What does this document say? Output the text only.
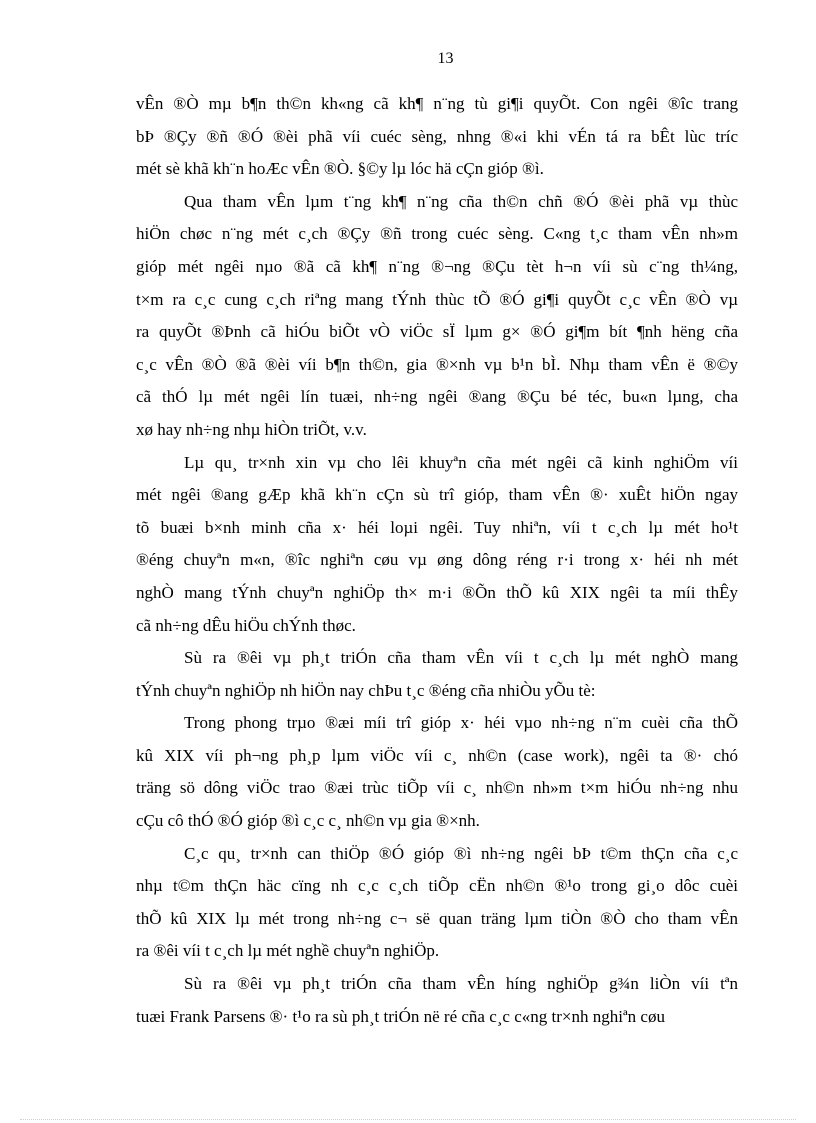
13
vÊn ®Ò mµ b¶n th©n kh«ng cã kh¶ n¨ng tù gi¶i quyÕt. Con ngêi ®îc trang
bÞ ®Çy ®ñ ®Ó ®èi phã víi cuéc sèng, nhng ®«i khi vÉn tá ra bÊt lùc tríc
mét sè khã kh¨n hoÆc vÊn ®Ò. §©y lµ lóc hä cÇn gióp ®ì.
Qua tham vÊn lµm t¨ng kh¶ n¨ng cña th©n chñ ®Ó ®èi phã vµ thùc
hiÖn chøc n¨ng mét c¸ch ®Çy ®ñ trong cuéc sèng. C«ng t¸c tham vÊn nh»m
gióp mét ngêi nµo ®ã cã kh¶ n¨ng ®¬ng ®Çu tèt h¬n víi sù c¨ng th¼ng,
t×m ra c¸c cung c¸ch riªng mang tÝnh thùc tÕ ®Ó gi¶i quyÕt c¸c vÊn ®Ò vµ
ra quyÕt ®Þnh cã hiÓu biÕt vÒ viÖc sÏ lµm g× ®Ó gi¶m bít ¶nh hëng cña
c¸c vÊn ®Ò ®ã ®èi víi b¶n th©n, gia ®×nh vµ b¹n bÌ. Nhµ tham vÊn ë ®©y
cã thÓ lµ mét ngêi lín tuæi, nh÷ng ngêi ®ang ®Çu bé téc, bu«n lµng, cha
xø hay nh÷ng nhµ hiÒn triÕt, v.v.
Lµ qu¸ tr×nh xin vµ cho lêi khuyªn cña mét ngêi cã kinh nghiÖm víi
mét ngêi ®ang gÆp khã kh¨n cÇn sù trî gióp, tham vÊn ®· xuÊt hiÖn ngay
tõ buæi b×nh minh cña x· héi loµi ngêi. Tuy nhiªn, víi t c¸ch lµ mét ho¹t
®éng chuyªn m«n, ®îc nghiªn cøu vµ øng dông réng r·i trong x· héi nh mét
nghÒ mang tÝnh chuyªn nghiÖp th× m·i ®Õn thÕ kû XIX ngêi ta míi thÊy
cã nh÷ng dÊu hiÖu chÝnh thøc.
Sù ra ®êi vµ ph¸t triÓn cña tham vÊn víi t c¸ch lµ mét nghÒ mang
tÝnh chuyªn nghiÖp nh hiÖn nay chÞu t¸c ®éng cña nhiÒu yÕu tè:
Trong phong trµo ®æi míi trî gióp x· héi vµo nh÷ng n¨m cuèi cña thÕ
kû XIX víi ph¬ng ph¸p lµm viÖc víi c¸ nh©n (case work), ngêi ta ®· chó
träng sö dông viÖc trao ®æi trùc tiÕp víi c¸ nh©n nh»m t×m hiÓu nh÷ng nhu
cÇu cô thÓ ®Ó gióp ®ì c¸c c¸ nh©n vµ gia ®×nh.
C¸c qu¸ tr×nh can thiÖp ®Ó gióp ®ì nh÷ng ngêi bÞ t©m thÇn cña c¸c
nhµ t©m thÇn häc cïng nh c¸c c¸ch tiÕp cËn nh©n ®¹o trong gi¸o dôc cuèi
thÕ kû XIX lµ mét trong nh÷ng c¬ së quan träng lµm tiÒn ®Ò cho tham vÊn
ra ®êi víi t c¸ch lµ mét nghề chuyªn nghiÖp.
Sù ra ®êi vµ ph¸t triÓn cña tham vÊn híng nghiÖp g¾n liÒn víi tªn
tuæi Frank Parsens ®· t¹o ra sù ph¸t triÓn në ré cña c¸c c«ng tr×nh nghiªn cøu
